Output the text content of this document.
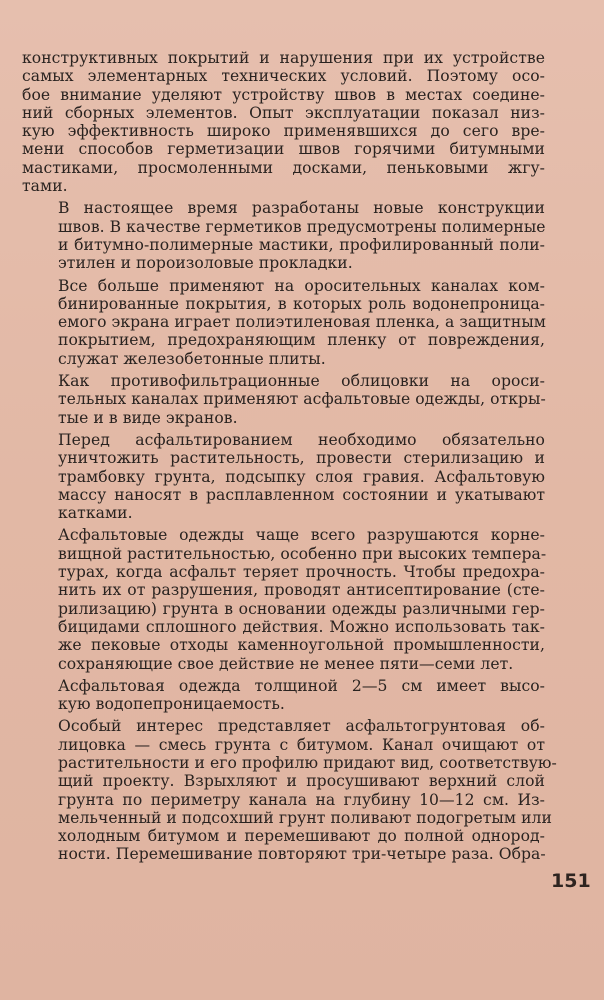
конструктивных покрытий и нарушения при их устройстве
самых элементарных технических условий. Поэтому осо-
бое внимание уделяют устройству швов в местах соедине-
ний сборных элементов. Опыт эксплуатации показал низ-
кую эффективность широко применявшихся до сего вре-
мени способов герметизации швов горячими битумными
мастиками, просмоленными досками, пеньковыми жгу-
тами.
В настоящее время разработаны новые конструкции
швов. В качестве герметиков предусмотрены полимерные
и битумно-полимерные мастики, профилированный поли-
этилен и пороизоловые прокладки.
Все больше применяют на оросительных каналах ком-
бинированные покрытия, в которых роль водонепроница-
емого экрана играет полиэтиленовая пленка, а защитным
покрытием, предохраняющим пленку от повреждения,
служат железобетонные плиты.
Как противофильтрационные облицовки на ороси-
тельных каналах применяют асфальтовые одежды, откры-
тые и в виде экранов.
Перед асфальтированием необходимо обязательно
уничтожить растительность, провести стерилизацию и
трамбовку грунта, подсыпку слоя гравия. Асфальтовую
массу наносят в расплавленном состоянии и укатывают
катками.
Асфальтовые одежды чаще всего разрушаются корне-
вищной растительностью, особенно при высоких темпера-
турах, когда асфальт теряет прочность. Чтобы предохра-
нить их от разрушения, проводят антисептирование (сте-
рилизацию) грунта в основании одежды различными гер-
бицидами сплошного действия. Можно использовать так-
же пековые отходы каменноугольной промышленности,
сохраняющие свое действие не менее пяти—семи лет.
Асфальтовая одежда толщиной 2—5 см имеет высо-
кую водопепроницаемость.
Особый интерес представляет асфальтогрунтовая об-
лицовка — смесь грунта с битумом. Канал очищают от
растительности и его профилю придают вид, соответствую-
щий проекту. Взрыхляют и просушивают верхний слой
грунта по периметру канала на глубину 10—12 см. Из-
мельченный и подсохший грунт поливают подогретым или
холодным битумом и перемешивают до полной однород-
ности. Перемешивание повторяют три-четыре раза. Обра-
151
